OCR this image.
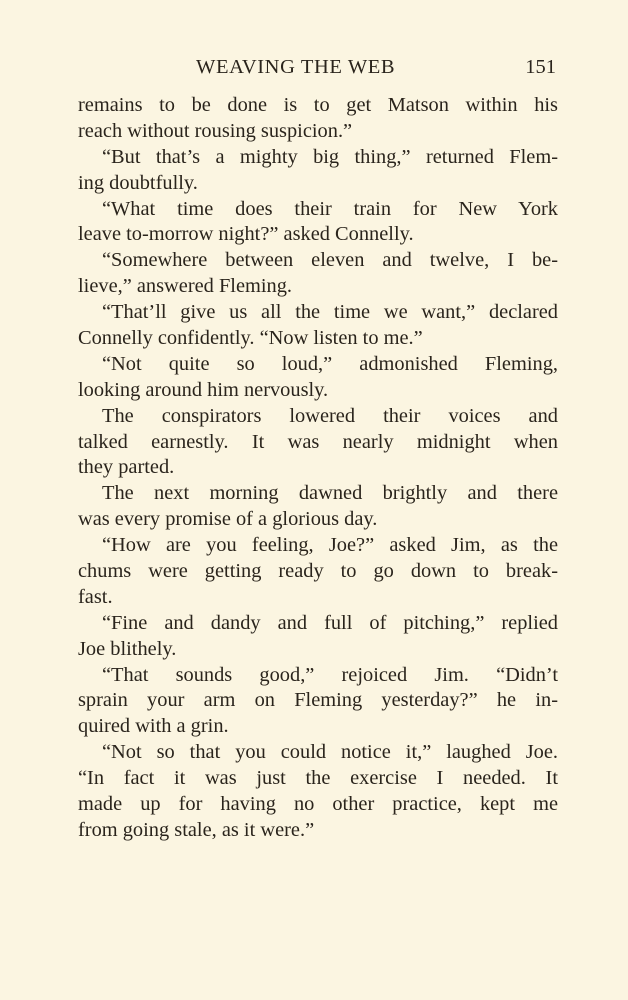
WEAVING THE WEB	151
remains to be done is to get Matson within his
reach without rousing suspicion.”
“But that’s a mighty big thing,” returned Flem-
ing doubtfully.
“What time does their train for New York
leave to-morrow night?” asked Connelly.
“Somewhere between eleven and twelve, I be-
lieve,” answered Fleming.
“That’ll give us all the time we want,” declared
Connelly confidently. “Now listen to me.”
“Not quite so loud,” admonished Fleming,
looking around him nervously.
The conspirators lowered their voices and
talked earnestly. It was nearly midnight when
they parted.
The next morning dawned brightly and there
was every promise of a glorious day.
“How are you feeling, Joe?” asked Jim, as the
chums were getting ready to go down to break-
fast.
“Fine and dandy and full of pitching,” replied
Joe blithely.
“That sounds good,” rejoiced Jim. “Didn’t
sprain your arm on Fleming yesterday?” he in-
quired with a grin.
“Not so that you could notice it,” laughed Joe.
“In fact it was just the exercise I needed. It
made up for having no other practice, kept me
from going stale, as it were.”
